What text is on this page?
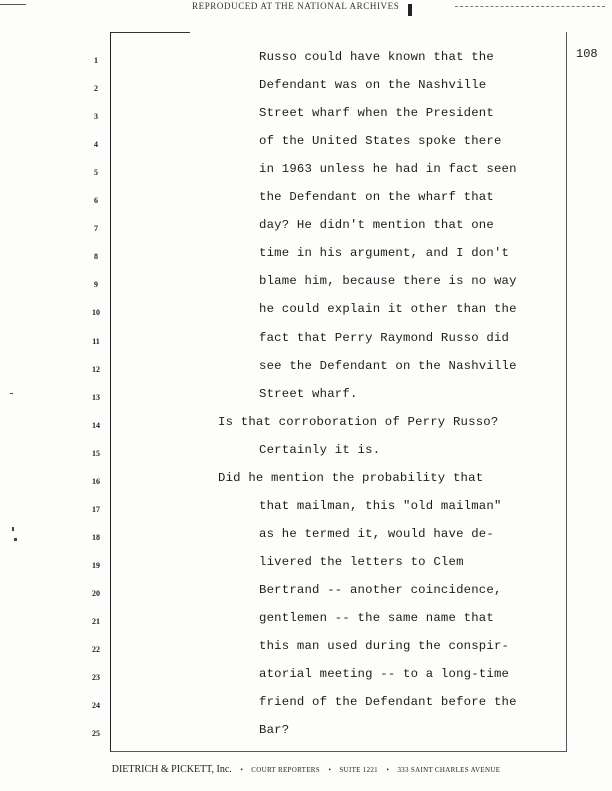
REPRODUCED AT THE NATIONAL ARCHIVES
108
1	Russo could have known that the
2	Defendant was on the Nashville
3	Street wharf when the President
4	of the United States spoke there
5	in 1963 unless he had in fact seen
6	the Defendant on the wharf that
7	day? He didn't mention that one
8	time in his argument, and I don't
9	blame him, because there is no way
10	he could explain it other than the
11	fact that Perry Raymond Russo did
12	see the Defendant on the Nashville
13	Street wharf.
14	Is that corroboration of Perry Russo?
15	Certainly it is.
16	Did he mention the probability that
17	that mailman, this "old mailman"
18	as he termed it, would have de-
19	livered the letters to Clem
20	Bertrand -- another coincidence,
21	gentlemen -- the same name that
22	this man used during the conspir-
23	atorial meeting -- to a long-time
24	friend of the Defendant before the
25	Bar?
DIETRICH & PICKETT, Inc. • COURT REPORTERS • SUITE 1221 • 333 SAINT CHARLES AVENUE
